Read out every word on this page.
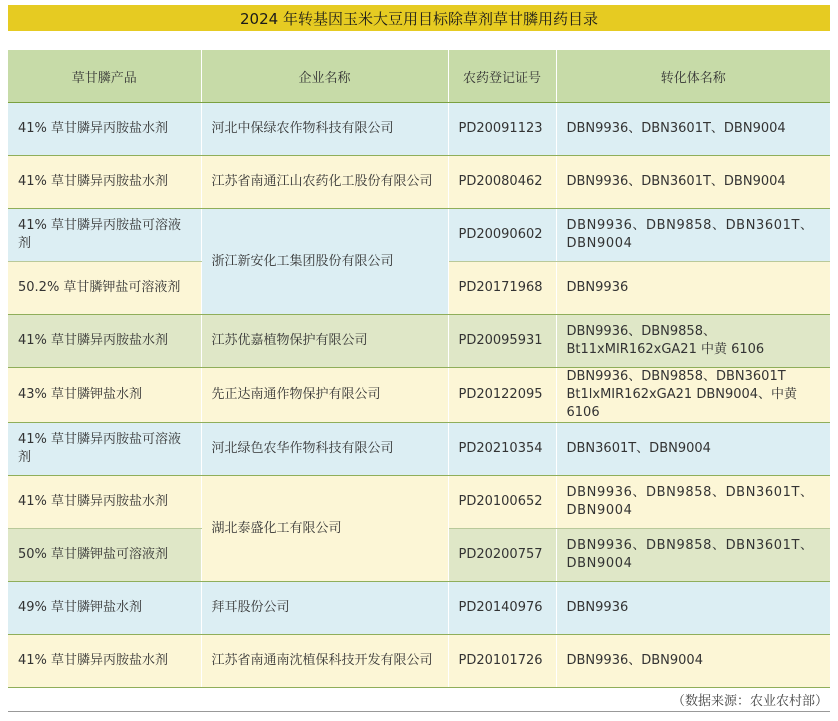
2024 年转基因玉米大豆用目标除草剂草甘膦用药目录
草甘膦产品	企业名称	农药登记证号	转化体名称
41% 草甘膦异丙胺盐水剂	河北中保绿农作物科技有限公司	PD20091123	DBN9936、DBN3601T、DBN9004
41% 草甘膦异丙胺盐水剂	江苏省南通江山农药化工股份有限公司	PD20080462	DBN9936、DBN3601T、DBN9004
41% 草甘膦异丙胺盐可溶液剂	浙江新安化工集团股份有限公司	PD20090602	DBN9936、DBN9858、DBN3601T、DBN9004
50.2% 草甘膦钾盐可溶液剂		PD20171968	DBN9936
41% 草甘膦异丙胺盐水剂	江苏优嘉植物保护有限公司	PD20095931	DBN9936、DBN9858、Bt11xMIR162xGA21 中黄 6106
43% 草甘膦钾盐水剂	先正达南通作物保护有限公司	PD20122095	DBN9936、DBN9858、DBN3601T Bt1lxMIR162xGA21 DBN9004、中黄 6106
41% 草甘膦异丙胺盐可溶液剂	河北绿色农华作物科技有限公司	PD20210354	DBN3601T、DBN9004
41% 草甘膦异丙胺盐水剂	湖北泰盛化工有限公司	PD20100652	DBN9936、DBN9858、DBN3601T、DBN9004
50% 草甘膦钾盐可溶液剂		PD20200757	DBN9936、DBN9858、DBN3601T、DBN9004
49% 草甘膦钾盐水剂	拜耳股份公司	PD20140976	DBN9936
41% 草甘膦异丙胺盐水剂	江苏省南通南沈植保科技开发有限公司	PD20101726	DBN9936、DBN9004
（数据来源：农业农村部）
